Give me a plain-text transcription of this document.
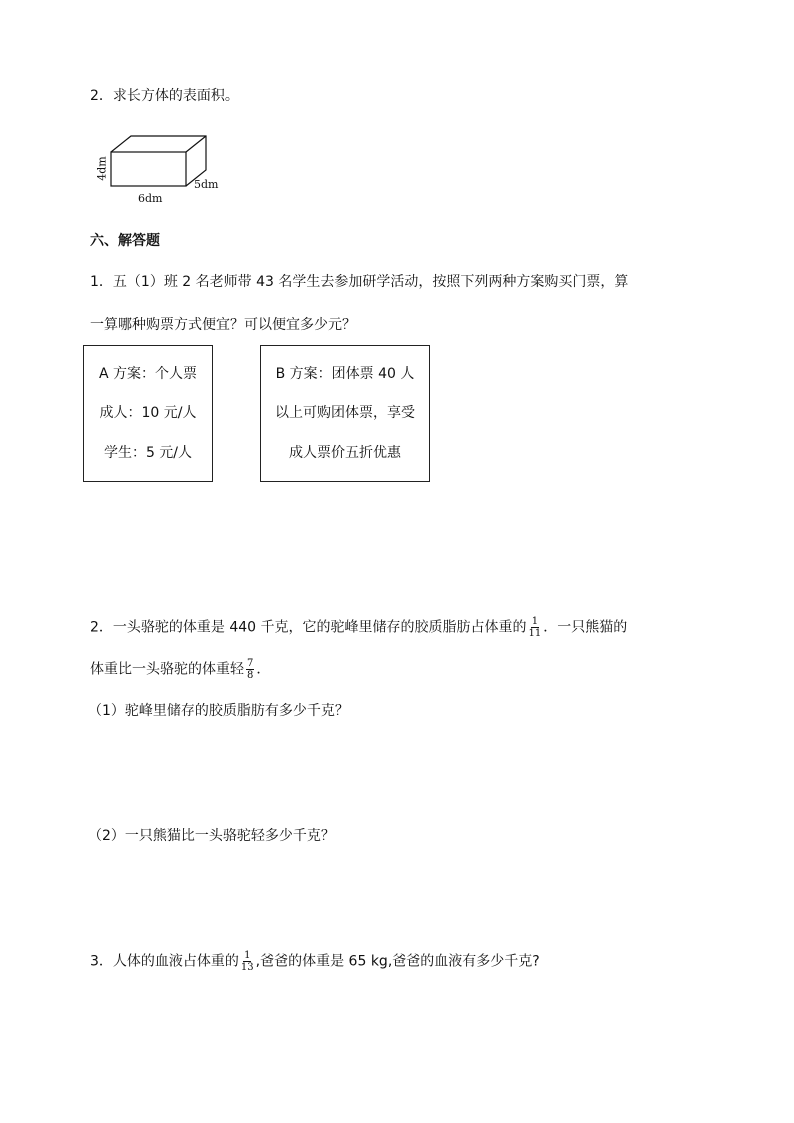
2．求长方体的表面积。
4dm
6dm
5dm
六、解答题
1．五（1）班 2 名老师带 43 名学生去参加研学活动，按照下列两种方案购买门票，算
一算哪种购票方式便宜？可以便宜多少元？
A 方案：个人票
成人：10 元/人
学生：5 元/人
B 方案：团体票 40 人
以上可购团体票，享受
成人票价五折优惠
2．一头骆驼的体重是 440 千克，它的驼峰里储存的胶质脂肪占体重的 $\frac{1}{11}$ ．一只熊猫的
体重比一头骆驼的体重轻 $\frac{7}{8}$ ．
（1）驼峰里储存的胶质脂肪有多少千克？
（2）一只熊猫比一头骆驼轻多少千克？
3．人体的血液占体重的 $\frac{1}{13}$ ,爸爸的体重是 65 kg,爸爸的血液有多少千克?
